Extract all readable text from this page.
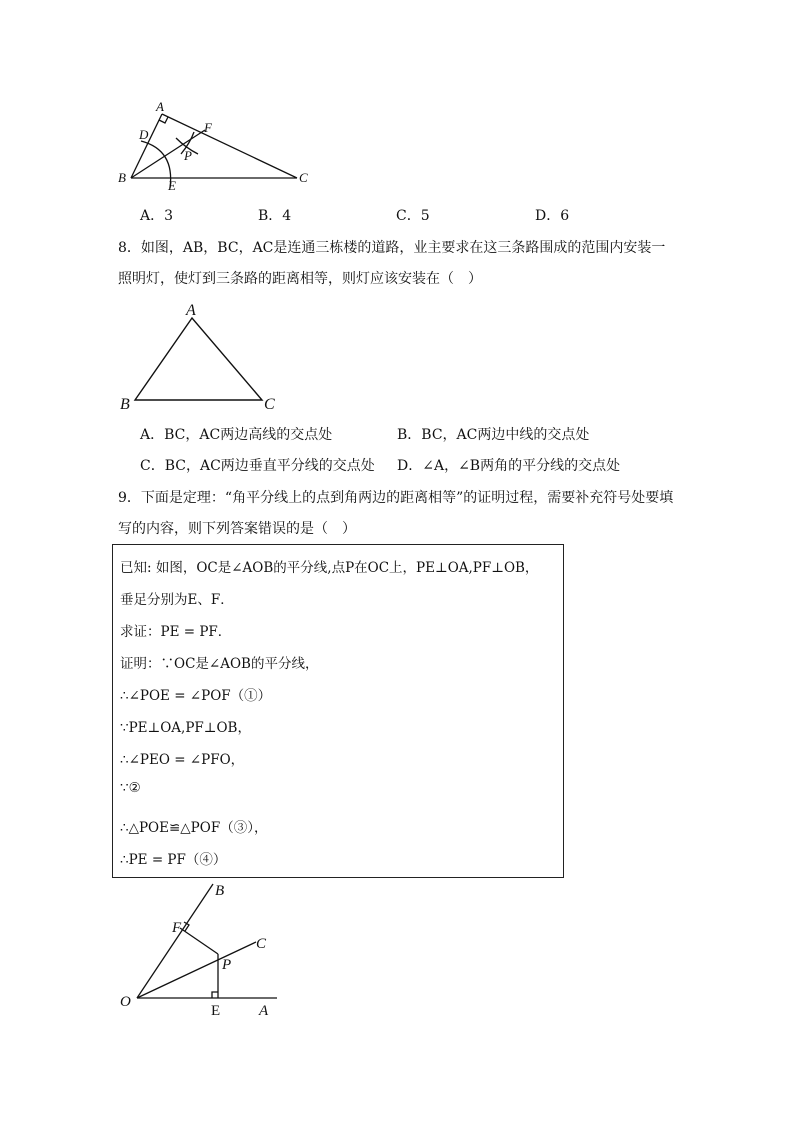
A
D	F
P
B
E
C
A．3	B．4	C．5	D．6
8．如图，AB，BC，AC是连通三栋楼的道路，业主要求在这三条路围成的范围内安装一
照明灯，使灯到三条路的距离相等，则灯应该安装在（　）
A
B	C
A．BC，AC两边高线的交点处	B．BC，AC两边中线的交点处
C．BC，AC两边垂直平分线的交点处 D．∠A，∠B两角的平分线的交点处
9．下面是定理：“角平分线上的点到角两边的距离相等”的证明过程，需要补充符号处要填
写的内容，则下列答案错误的是（　）
已知: 如图，OC是∠AOB的平分线,点P在OC上，PE⊥OA,PF⊥OB，
垂足分别为E、F．
求证：PE = PF．
证明：∵OC是∠AOB的平分线，
∴∠POE = ∠POF（①）
∵PE⊥OA,PF⊥OB，
∴∠PEO = ∠PFO，
∵②
∴△POE≌△POF（③），
∴PE = PF（④）
B
F
C
P
O
E	A
